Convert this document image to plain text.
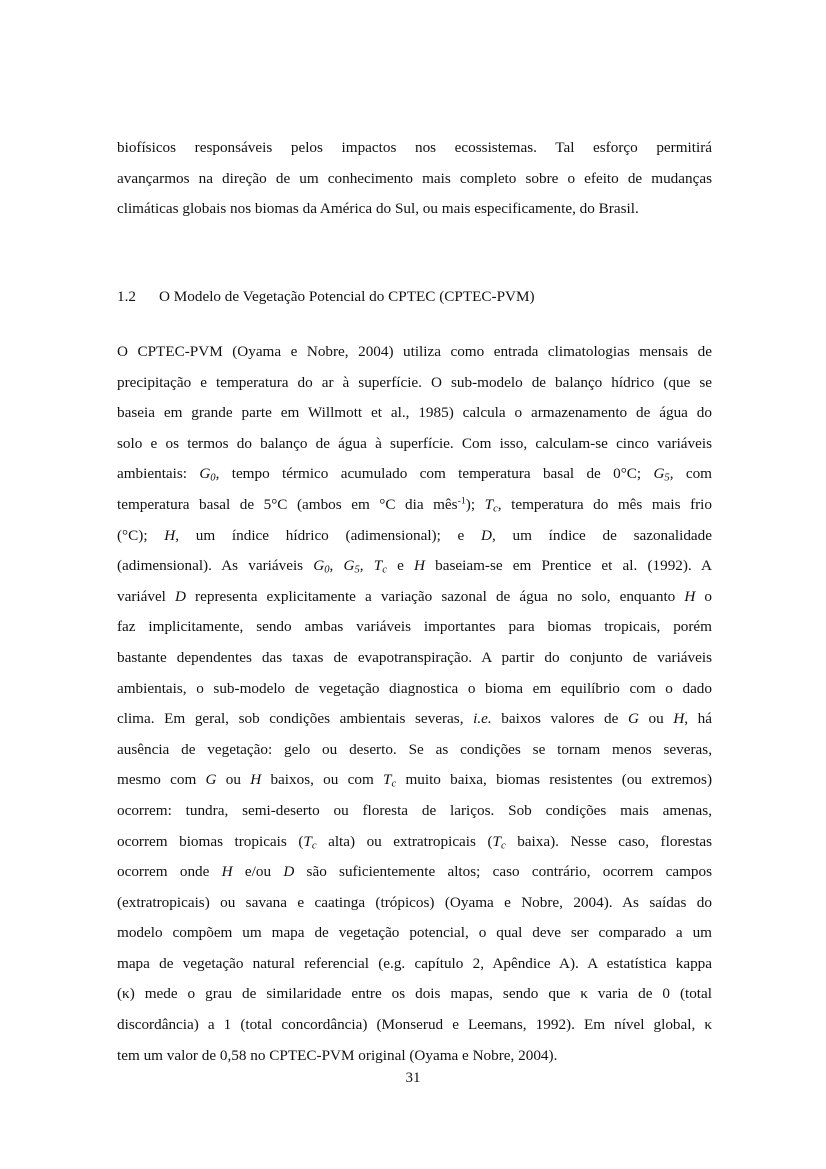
biofísicos responsáveis pelos impactos nos ecossistemas. Tal esforço permitirá
avançarmos na direção de um conhecimento mais completo sobre o efeito de mudanças
climáticas globais nos biomas da América do Sul, ou mais especificamente, do Brasil.
1.2 O Modelo de Vegetação Potencial do CPTEC (CPTEC-PVM)
O CPTEC-PVM (Oyama e Nobre, 2004) utiliza como entrada climatologias mensais de
precipitação e temperatura do ar à superfície. O sub-modelo de balanço hídrico (que se
baseia em grande parte em Willmott et al., 1985) calcula o armazenamento de água do
solo e os termos do balanço de água à superfície. Com isso, calculam-se cinco variáveis
ambientais: $G_0$, tempo térmico acumulado com temperatura basal de 0°C; $G_5$, com
temperatura basal de 5°C (ambos em °C dia mês$^{-1}$); $T_c$, temperatura do mês mais frio
(°C); H, um índice hídrico (adimensional); e D, um índice de sazonalidade
(adimensional). As variáveis $G_0$, $G_5$, $T_c$ e H baseiam-se em Prentice et al. (1992). A
variável D representa explicitamente a variação sazonal de água no solo, enquanto H o
faz implicitamente, sendo ambas variáveis importantes para biomas tropicais, porém
bastante dependentes das taxas de evapotranspiração. A partir do conjunto de variáveis
ambientais, o sub-modelo de vegetação diagnostica o bioma em equilíbrio com o dado
clima. Em geral, sob condições ambientais severas, i.e. baixos valores de G ou H, há
ausência de vegetação: gelo ou deserto. Se as condições se tornam menos severas,
mesmo com G ou H baixos, ou com $T_c$ muito baixa, biomas resistentes (ou extremos)
ocorrem: tundra, semi-deserto ou floresta de lariços. Sob condições mais amenas,
ocorrem biomas tropicais ($T_c$ alta) ou extratropicais ($T_c$ baixa). Nesse caso, florestas
ocorrem onde H e/ou D são suficientemente altos; caso contrário, ocorrem campos
(extratropicais) ou savana e caatinga (trópicos) (Oyama e Nobre, 2004). As saídas do
modelo compõem um mapa de vegetação potencial, o qual deve ser comparado a um
mapa de vegetação natural referencial (e.g. capítulo 2, Apêndice A). A estatística kappa
(κ) mede o grau de similaridade entre os dois mapas, sendo que κ varia de 0 (total
discordância) a 1 (total concordância) (Monserud e Leemans, 1992). Em nível global, κ
tem um valor de 0,58 no CPTEC-PVM original (Oyama e Nobre, 2004).
31
